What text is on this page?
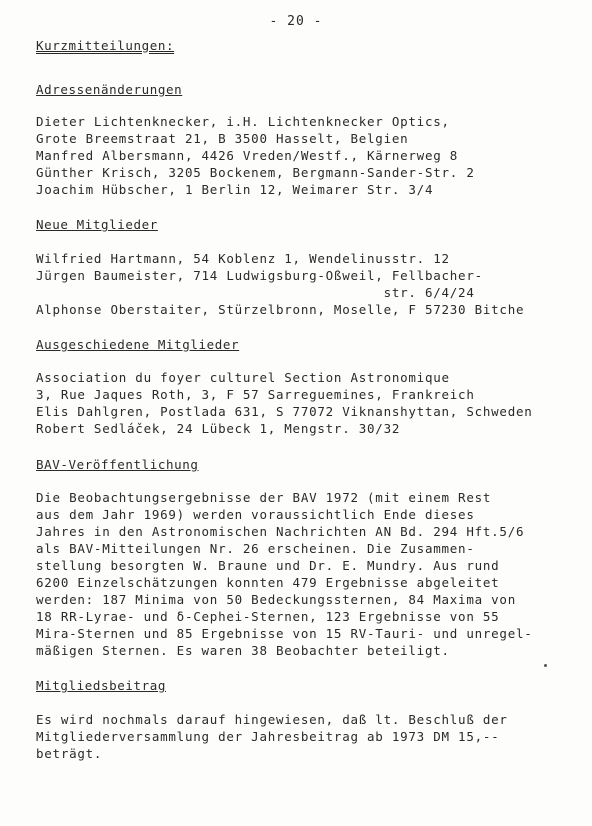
- 20 -
Kurzmitteilungen:
Adressenänderungen
Dieter Lichtenknecker, i.H. Lichtenknecker Optics,
Grote Breemstraat 21, B 3500 Hasselt, Belgien
Manfred Albersmann, 4426 Vreden/Westf., Kärnerweg 8
Günther Krisch, 3205 Bockenem, Bergmann-Sander-Str. 2
Joachim Hübscher, 1 Berlin 12, Weimarer Str. 3/4
Neue Mitglieder
Wilfried Hartmann, 54 Koblenz 1, Wendelinusstr. 12
Jürgen Baumeister, 714 Ludwigsburg-Oßweil, Fellbacher-
str. 6/4/24
Alphonse Oberstaiter, Stürzelbronn, Moselle, F 57230 Bitche
Ausgeschiedene Mitglieder
Association du foyer culturel Section Astronomique
3, Rue Jaques Roth, 3, F 57 Sarreguemines, Frankreich
Elis Dahlgren, Postlada 631, S 77072 Viknanshyttan, Schweden
Robert Sedláček, 24 Lübeck 1, Mengstr. 30/32
BAV-Veröffentlichung
Die Beobachtungsergebnisse der BAV 1972 (mit einem Rest
aus dem Jahr 1969) werden voraussichtlich Ende dieses
Jahres in den Astronomischen Nachrichten AN Bd. 294 Hft.5/6
als BAV-Mitteilungen Nr. 26 erscheinen. Die Zusammen-
stellung besorgten W. Braune und Dr. E. Mundry. Aus rund
6200 Einzelschätzungen konnten 479 Ergebnisse abgeleitet
werden: 187 Minima von 50 Bedeckungssternen, 84 Maxima von
18 RR-Lyrae- und δ-Cephei-Sternen, 123 Ergebnisse von 55
Mira-Sternen und 85 Ergebnisse von 15 RV-Tauri- und unregel-
mäßigen Sternen. Es waren 38 Beobachter beteiligt.
Mitgliedsbeitrag
Es wird nochmals darauf hingewiesen, daß lt. Beschluß der
Mitgliederversammlung der Jahresbeitrag ab 1973 DM 15,--
beträgt.
